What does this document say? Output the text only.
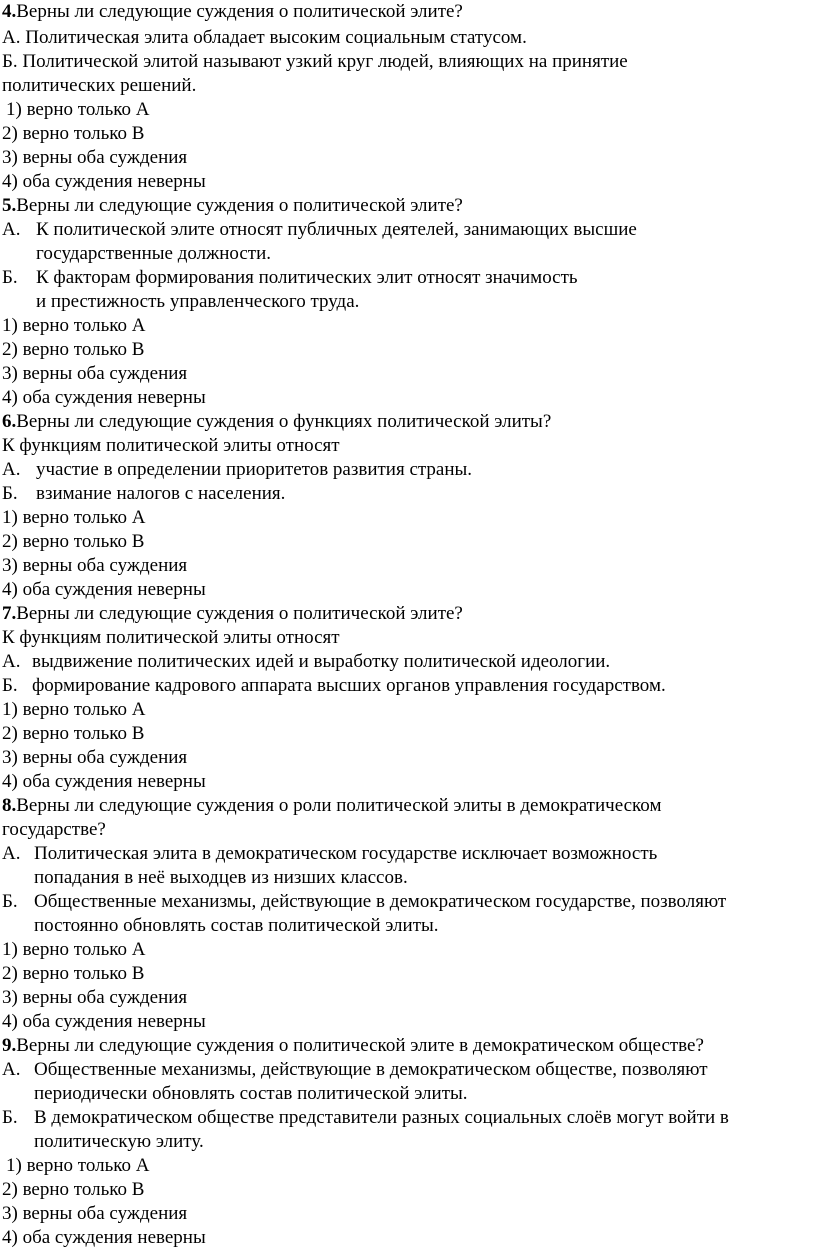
4.Верны ли следующие суждения о политической элите?
А. Политическая элита обладает высоким социальным статусом.
Б. Политической элитой называют узкий круг людей, влияющих на принятие
политических решений.
1) верно только А
2) верно только В
3) верны оба суждения
4) оба суждения неверны
5.Верны ли следующие суждения о политической элите?
А. К политической элите относят публичных деятелей, занимающих высшие
государственные должности.
Б. К факторам формирования политических элит относят значимость
и престижность управленческого труда.
1) верно только А
2) верно только В
3) верны оба суждения
4) оба суждения неверны
6.Верны ли следующие суждения о функциях политической элиты?
К функциям политической элиты относят
А. участие в определении приоритетов развития страны.
Б. взимание налогов с населения.
1) верно только А
2) верно только В
3) верны оба суждения
4) оба суждения неверны
7.Верны ли следующие суждения о политической элите?
К функциям политической элиты относят
А. выдвижение политических идей и выработку политической идеологии.
Б. формирование кадрового аппарата высших органов управления государством.
1) верно только А
2) верно только В
3) верны оба суждения
4) оба суждения неверны
8.Верны ли следующие суждения о роли политической элиты в демократическом
государстве?
А. Политическая элита в демократическом государстве исключает возможность
попадания в неё выходцев из низших классов.
Б. Общественные механизмы, действующие в демократическом государстве, позволяют
постоянно обновлять состав политической элиты.
1) верно только А
2) верно только В
3) верны оба суждения
4) оба суждения неверны
9.Верны ли следующие суждения о политической элите в демократическом обществе?
А. Общественные механизмы, действующие в демократическом обществе, позволяют
периодически обновлять состав политической элиты.
Б. В демократическом обществе представители разных социальных слоёв могут войти в
политическую элиту.
1) верно только А
2) верно только В
3) верны оба суждения
4) оба суждения неверны
